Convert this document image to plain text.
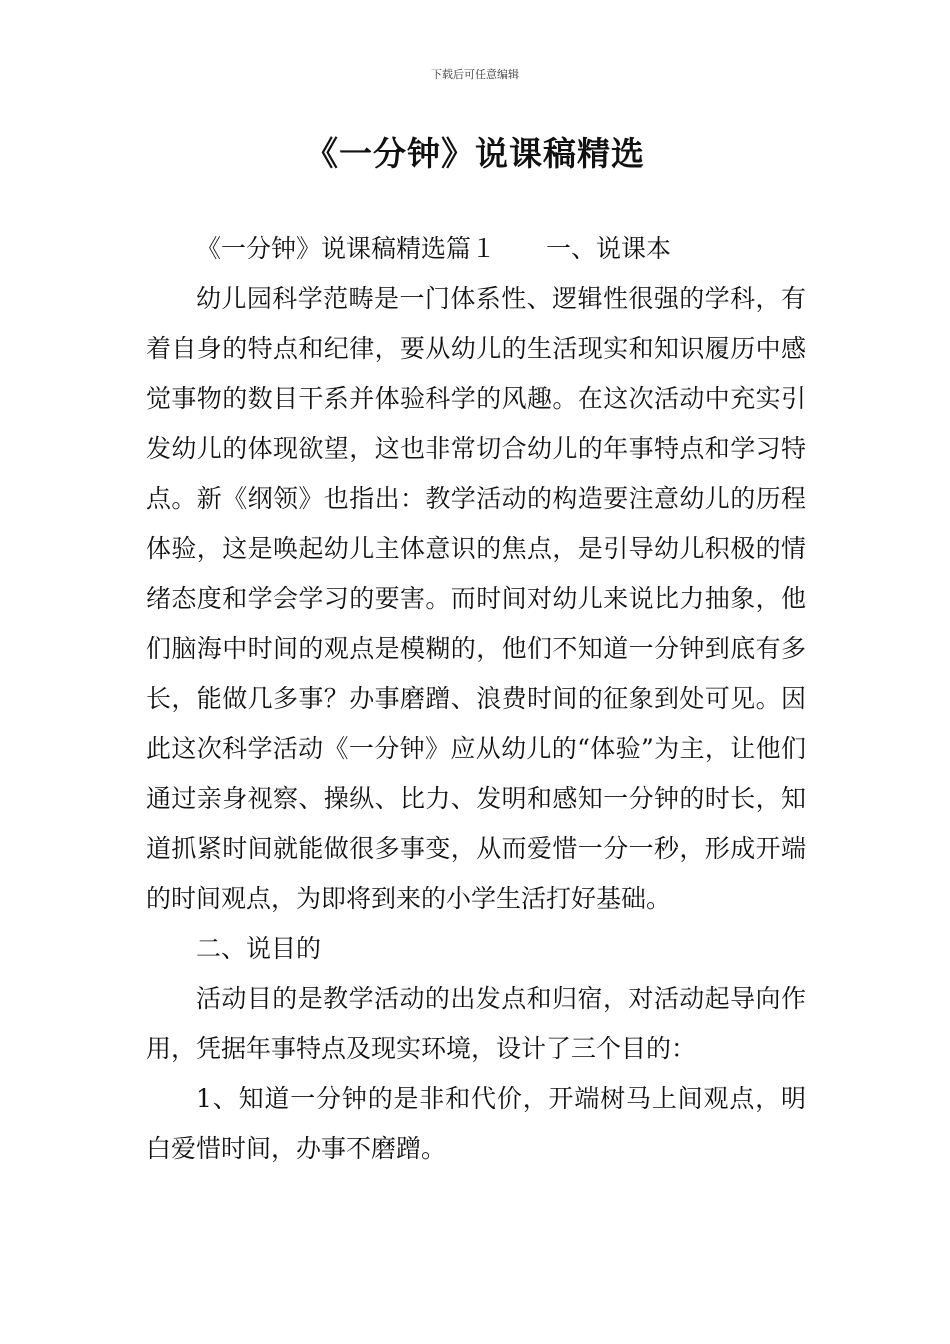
下载后可任意编辑
《一分钟》说课稿精选

《一分钟》说课稿精选篇１　　一、说课本

幼儿园科学范畴是一门体系性、逻辑性很强的学科，有着自身的特点和纪律，要从幼儿的生活现实和知识履历中感觉事物的数目干系并体验科学的风趣。在这次活动中充实引发幼儿的体现欲望，这也非常切合幼儿的年事特点和学习特点。新《纲领》也指出：教学活动的构造要注意幼儿的历程体验，这是唤起幼儿主体意识的焦点，是引导幼儿积极的情绪态度和学会学习的要害。而时间对幼儿来说比力抽象，他们脑海中时间的观点是模糊的，他们不知道一分钟到底有多长，能做几多事？办事磨蹭、浪费时间的征象到处可见。因此这次科学活动《一分钟》应从幼儿的“体验”为主，让他们通过亲身视察、操纵、比力、发明和感知一分钟的时长，知道抓紧时间就能做很多事变，从而爱惜一分一秒，形成开端的时间观点，为即将到来的小学生活打好基础。

二、说目的

活动目的是教学活动的出发点和归宿，对活动起导向作用，凭据年事特点及现实环境，设计了三个目的：

1、知道一分钟的是非和代价，开端树马上间观点，明白爱惜时间，办事不磨蹭。
